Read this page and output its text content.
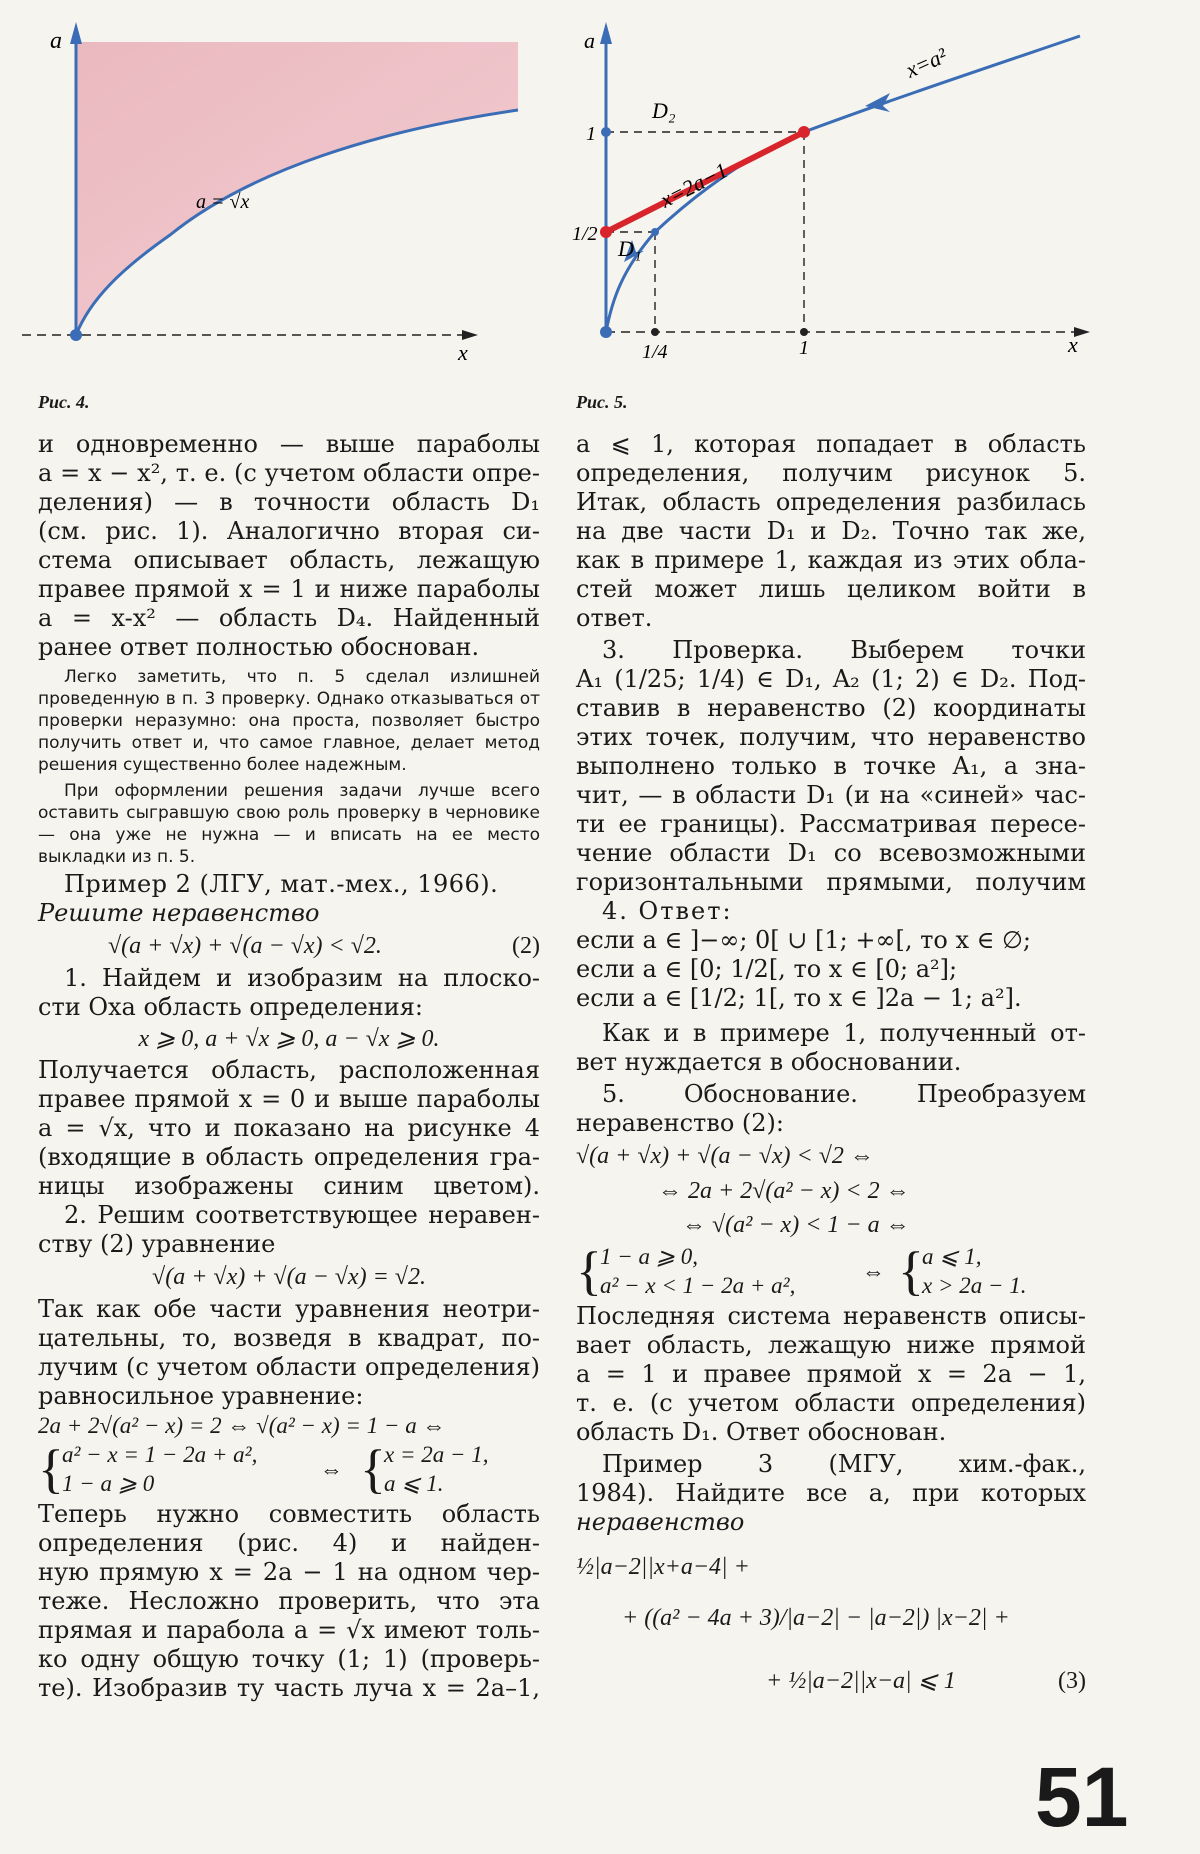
a
x
a = √x
Рис. 4.
a
x
1
1/2
1/4	1
D₂
D₁
x=a²
x=2a−1
Рис. 5.
и одновременно — выше параболы
a = x − x², т. е. (с учетом области опре-
деления) — в точности область D₁
(см. рис. 1). Аналогично вторая си-
стема описывает область, лежащую
правее прямой x = 1 и ниже параболы
a = x-x² — область D₄. Найденный
ранее ответ полностью обоснован.

Легко заметить, что п. 5 сделал излишней проведенную в п. 3 проверку. Однако отказываться от проверки неразумно: она проста, позволяет быстро получить ответ и, что самое главное, делает метод решения существенно более надежным.

При оформлении решения задачи лучше всего оставить сыгравшую свою роль проверку в черновике — она уже не нужна — и вписать на ее место выкладки из п. 5.

Пример 2 (ЛГУ, мат.-мех., 1966).
Решите неравенство
√(a + √x) + √(a − √x) < √2.	(2)
1. Найдем и изобразим на плоско-
сти Oxa область определения:
x ⩾ 0, a + √x ⩾ 0, a − √x ⩾ 0.
Получается область, расположенная
правее прямой x = 0 и выше параболы
a = √x, что и показано на рисунке 4
(входящие в область определения гра-
ницы изображены синим цветом).
2. Решим соответствующее неравен-
ству (2) уравнение
√(a + √x) + √(a − √x) = √2.
Так как обе части уравнения неотри-
цательны, то, возведя в квадрат, по-
лучим (с учетом области определения)
равносильное уравнение:
2a + 2√(a² − x) = 2 ⇔ √(a² − x) = 1 − a ⇔
{
a² − x = 1 − 2a + a²,
1 − a ⩾ 0
⇔ {
x = 2a − 1,
a ⩽ 1.
Теперь нужно совместить область
определения (рис. 4) и найден-
ную прямую x = 2a − 1 на одном чер-
теже. Несложно проверить, что эта
прямая и парабола a = √x имеют толь-
ко одну общую точку (1; 1) (проверь-
те). Изобразив ту часть луча x = 2a–1,
a ⩽ 1, которая попадает в область
определения, получим рисунок 5.
Итак, область определения разбилась
на две части D₁ и D₂. Точно так же,
как в примере 1, каждая из этих обла-
стей может лишь целиком войти в
ответ.
3. Проверка. Выберем точки
A₁ (1/25; 1/4) ∈ D₁, A₂ (1; 2) ∈ D₂. Под-
ставив в неравенство (2) координаты
этих точек, получим, что неравенство
выполнено только в точке A₁, а зна-
чит, — в области D₁ (и на «синей» час-
ти ее границы). Рассматривая пересе-
чение области D₁ со всевозможными
горизонтальными прямыми, получим
4. Ответ:
если a ∈ ]−∞; 0[ ∪ [1; +∞[, то x ∈ ∅;
если a ∈ [0; 1/2[, то x ∈ [0; a²];
если a ∈ [1/2; 1[, то x ∈ ]2a − 1; a²].
Как и в примере 1, полученный от-
вет нуждается в обосновании.
5. Обоснование. Преобразуем
неравенство (2):
√(a + √x) + √(a − √x) < √2 ⇔
⇔ 2a + 2√(a² − x) < 2 ⇔
⇔ √(a² − x) < 1 − a ⇔
{
1 − a ⩾ 0,
a² − x < 1 − 2a + a²,
⇔ {
a ⩽ 1,
x > 2a − 1.
Последняя система неравенств описы-
вает область, лежащую ниже прямой
a = 1 и правее прямой x = 2a − 1,
т. е. (с учетом области определения)
область D₁. Ответ обоснован.
Пример 3 (МГУ, хим.-фак.,
1984). Найдите все a, при которых
неравенство
½|a−2||x+a−4| +
+ ((a² − 4a + 3)/|a−2| − |a−2|) |x−2| +
+ ½|a−2||x−a| ⩽ 1	(3)
51
